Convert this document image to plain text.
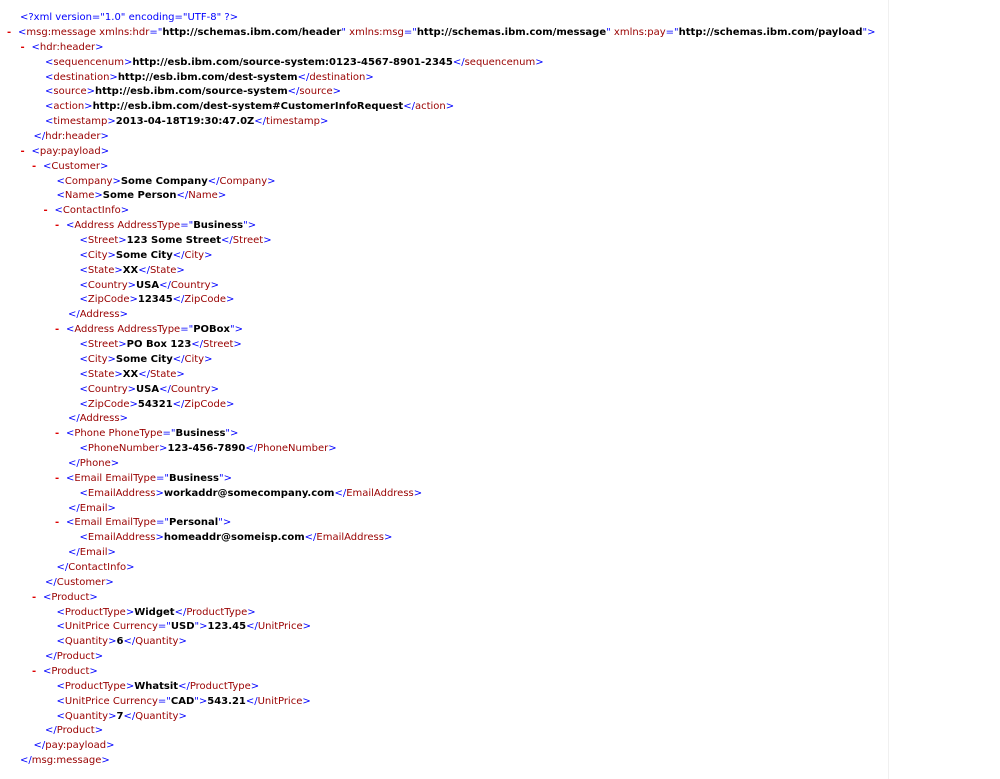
<?xml version="1.0" encoding="UTF-8" ?>
- <msg:message xmlns:hdr="http://schemas.ibm.com/header" xmlns:msg="http://schemas.ibm.com/message" xmlns:pay="http://schemas.ibm.com/payload">
- <hdr:header>
<sequencenum>http://esb.ibm.com/source-system:0123-4567-8901-2345</sequencenum>
<destination>http://esb.ibm.com/dest-system</destination>
<source>http://esb.ibm.com/source-system</source>
<action>http://esb.ibm.com/dest-system#CustomerInfoRequest</action>
<timestamp>2013-04-18T19:30:47.0Z</timestamp>
</hdr:header>
- <pay:payload>
- <Customer>
<Company>Some Company</Company>
<Name>Some Person</Name>
- <ContactInfo>
- <Address AddressType="Business">
<Street>123 Some Street</Street>
<City>Some City</City>
<State>XX</State>
<Country>USA</Country>
<ZipCode>12345</ZipCode>
</Address>
- <Address AddressType="POBox">
<Street>PO Box 123</Street>
<City>Some City</City>
<State>XX</State>
<Country>USA</Country>
<ZipCode>54321</ZipCode>
</Address>
- <Phone PhoneType="Business">
<PhoneNumber>123-456-7890</PhoneNumber>
</Phone>
- <Email EmailType="Business">
<EmailAddress>workaddr@somecompany.com</EmailAddress>
</Email>
- <Email EmailType="Personal">
<EmailAddress>homeaddr@someisp.com</EmailAddress>
</Email>
</ContactInfo>
</Customer>
- <Product>
<ProductType>Widget</ProductType>
<UnitPrice Currency="USD">123.45</UnitPrice>
<Quantity>6</Quantity>
</Product>
- <Product>
<ProductType>Whatsit</ProductType>
<UnitPrice Currency="CAD">543.21</UnitPrice>
<Quantity>7</Quantity>
</Product>
</pay:payload>
</msg:message>
